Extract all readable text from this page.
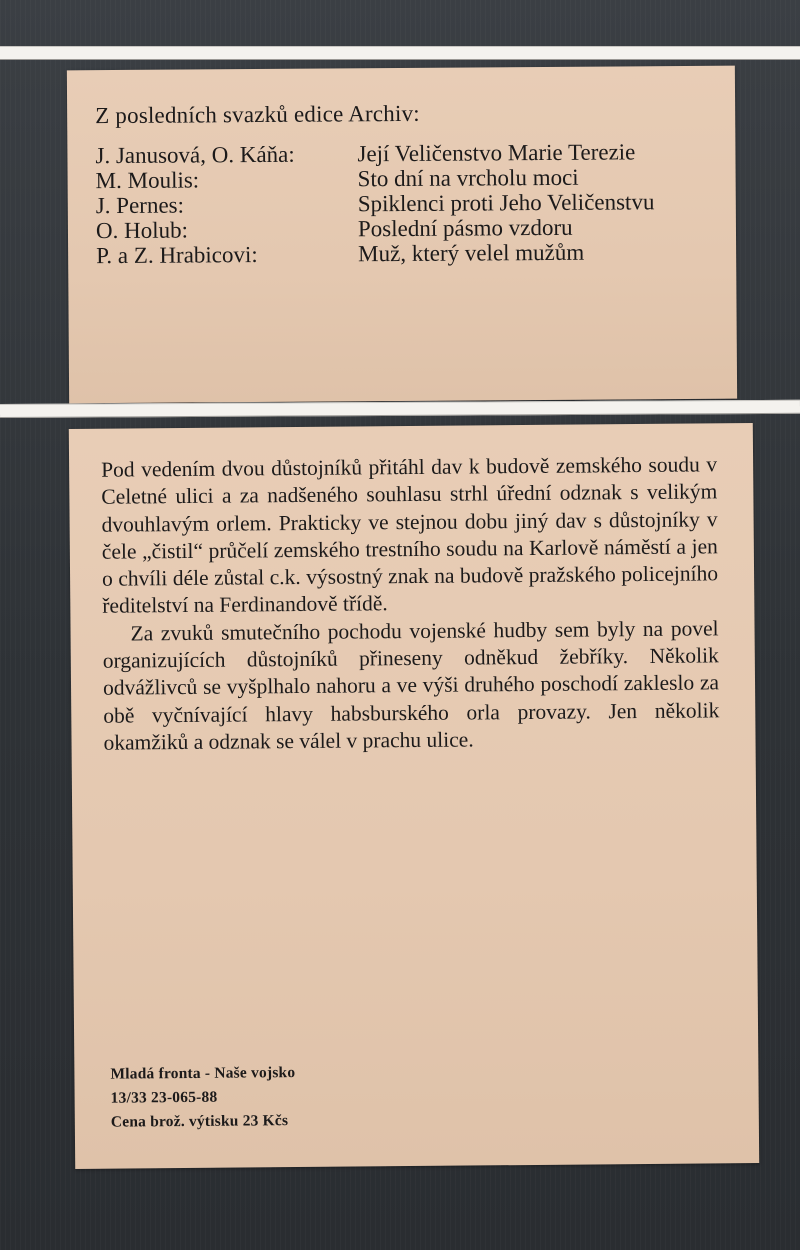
Z posledních svazků edice Archiv:
J. Janusová, O. Káňa:	Její Veličenstvo Marie Terezie
M. Moulis:	Sto dní na vrcholu moci
J. Pernes:	Spiklenci proti Jeho Veličenstvu
O. Holub:	Poslední pásmo vzdoru
P. a Z. Hrabicovi:	Muž, který velel mužům

Pod vedením dvou důstojníků přitáhl dav k budově zemského soudu v Celetné ulici a za nadšeného souhlasu strhl úřední odznak s velikým dvouhlavým orlem. Prakticky ve stejnou dobu jiný dav s důstojníky v čele „čistil“ průčelí zemského trestního soudu na Karlově náměstí a jen o chvíli déle zůstal c.k. výsostný znak na budově pražského policejního ředitelství na Ferdinandově třídě.

Za zvuků smutečního pochodu vojenské hudby sem byly na povel organizujících důstojníků přineseny odněkud žebříky. Několik odvážlivců se vyšplhalo nahoru a ve výši druhého poschodí zakleslo za obě vyčnívající hlavy habsburského orla provazy. Jen několik okamžiků a odznak se válel v prachu ulice.

Mladá fronta - Naše vojsko
13/33 23-065-88
Cena brož. výtisku 23 Kčs
